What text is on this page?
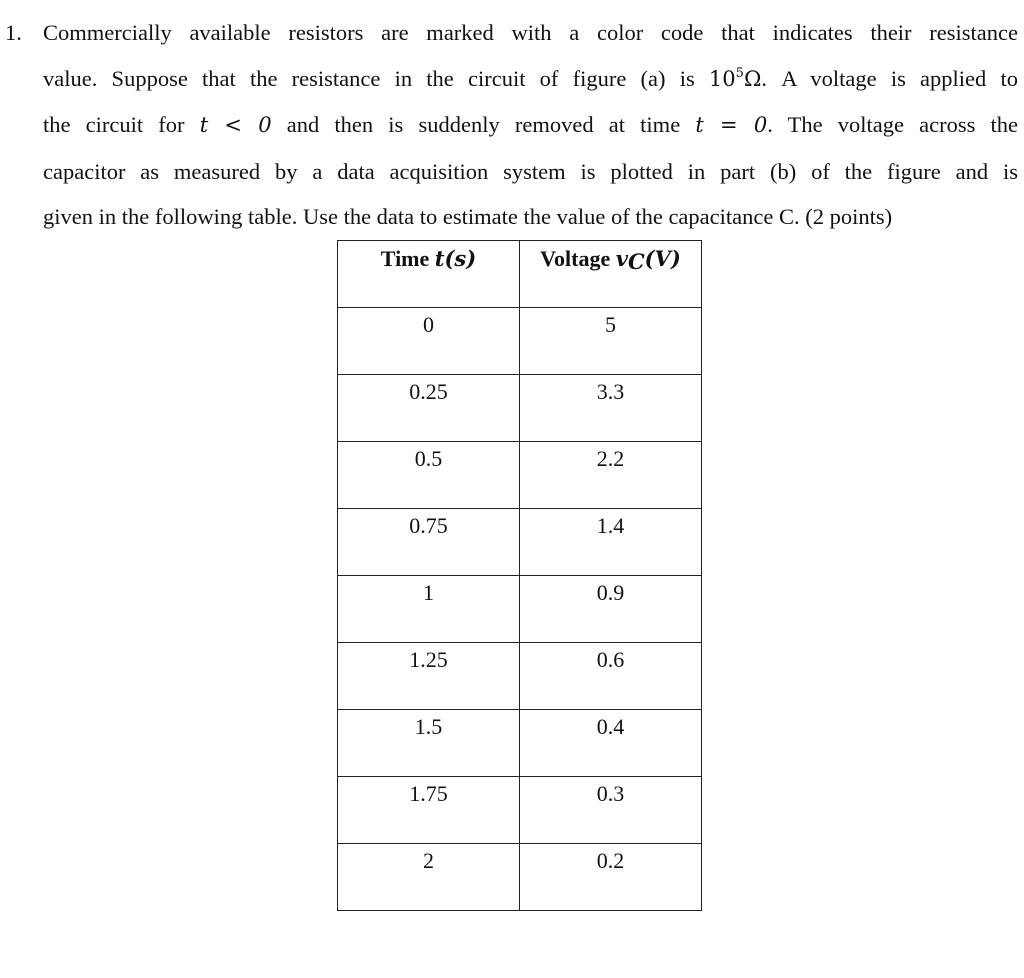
1. Commercially available resistors are marked with a color code that indicates their resistance
value. Suppose that the resistance in the circuit of figure (a) is $10^5\Omega$. A voltage is applied to
the circuit for t < 0 and then is suddenly removed at time t = 0. The voltage across the
capacitor as measured by a data acquisition system is plotted in part (b) of the figure and is
given in the following table. Use the data to estimate the value of the capacitance C. (2 points)
Time t(s)	Voltage $v_C(V)$
0	5
0.25	3.3
0.5	2.2
0.75	1.4
1	0.9
1.25	0.6
1.5	0.4
1.75	0.3
2	0.2
